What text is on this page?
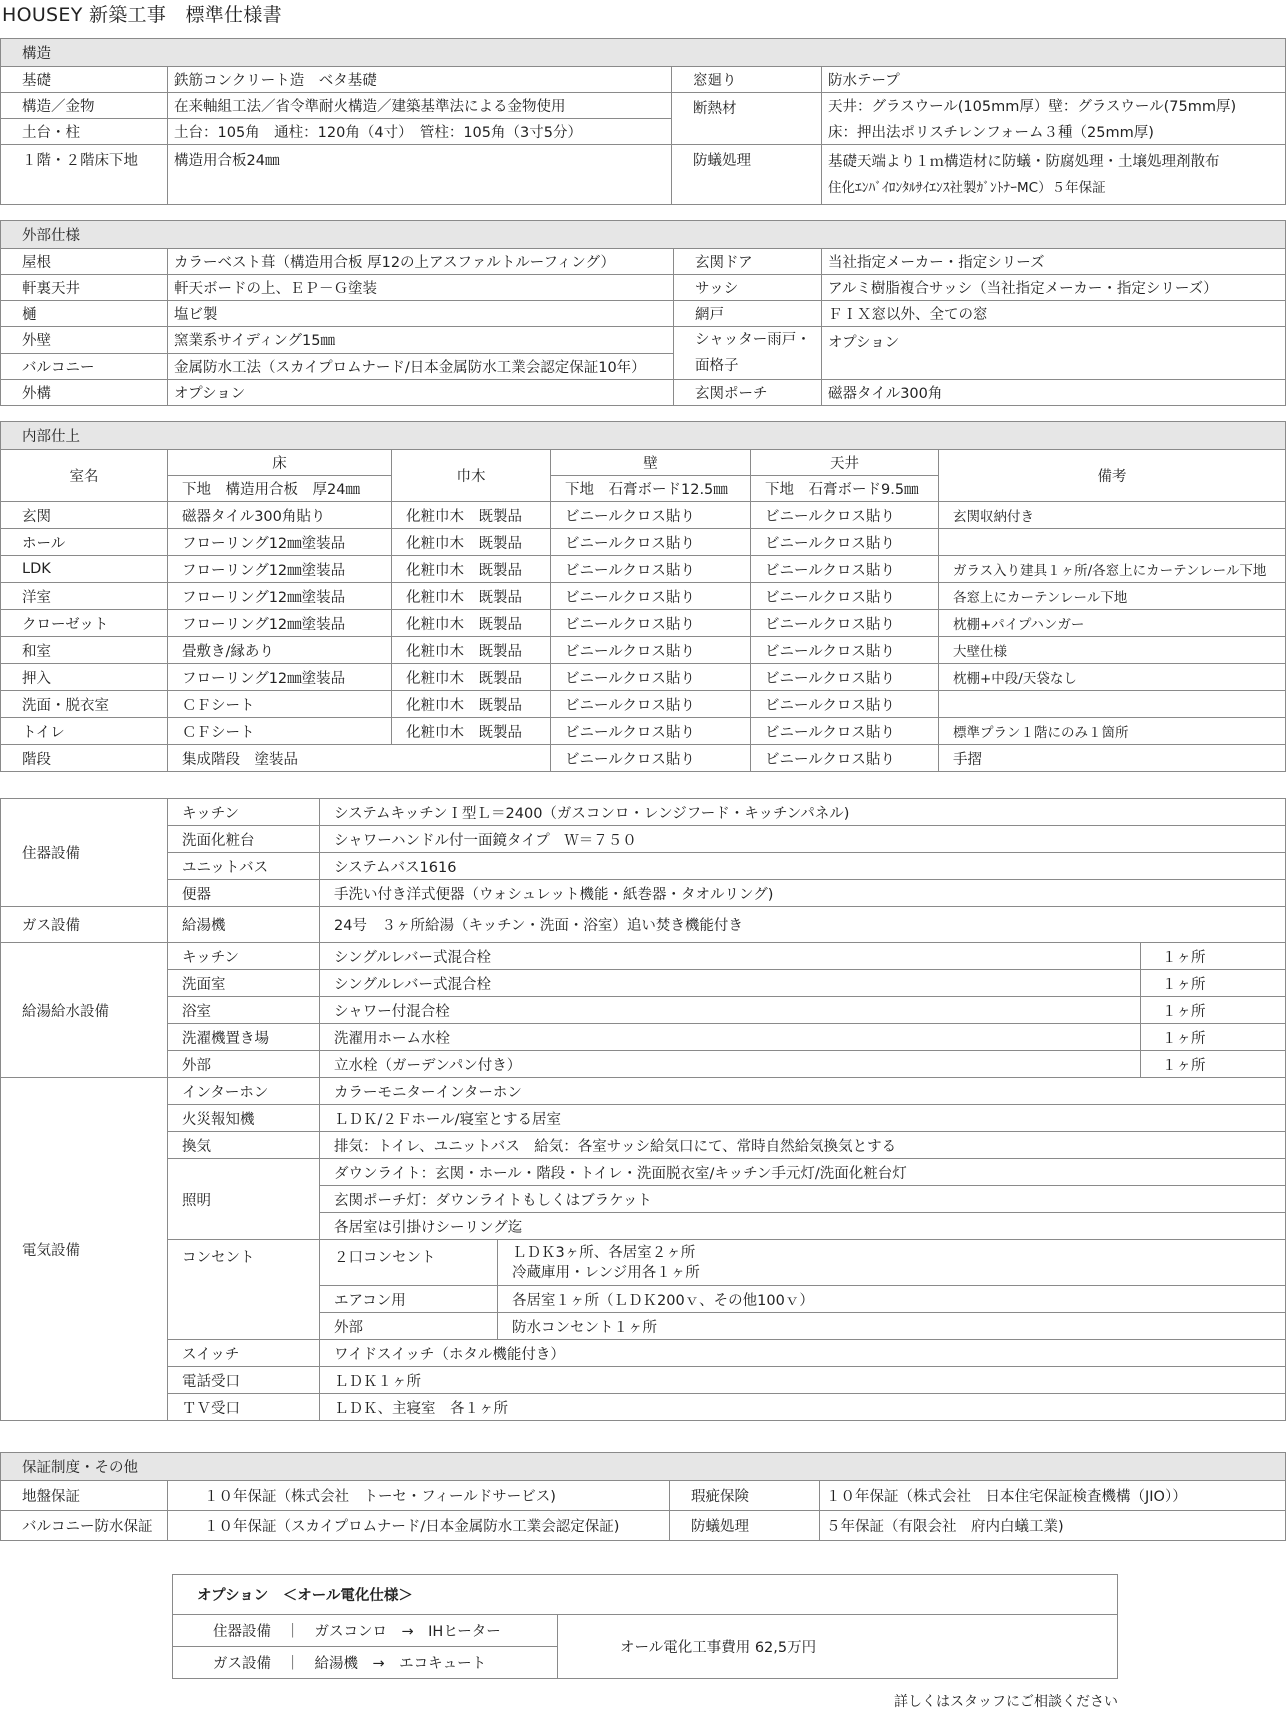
HOUSEY 新築工事　標準仕様書
構造			
基礎	鉄筋コンクリート造　ベタ基礎	窓廻り	防水テープ
構造／金物	在来軸組工法／省令準耐火構造／建築基準法による金物使用	断熱材	天井：グラスウール(105mm厚）壁：グラスウール(75mm厚)
土台・柱	土台：105角　通柱：120角（4寸）　管柱：105角（3寸5分）		床：押出法ポリスチレンフォーム３種（25mm厚)
１階・２階床下地	構造用合板24㎜	防蟻処理	基礎天端より１ｍ構造材に防蟻・防腐処理・土壌処理剤散布
住化ｴﾝﾊﾞｲﾛﾝﾀﾙｻｲｴﾝｽ社製ｶﾞﾝﾄﾅｰMC）５年保証
外部仕様			
屋根	カラーベスト葺（構造用合板 厚12の上アスファルトルーフィング）	玄関ドア	当社指定メーカー・指定シリーズ
軒裏天井	軒天ボードの上、ＥＰ－Ｇ塗装	サッシ	アルミ樹脂複合サッシ（当社指定メーカー・指定シリーズ）
樋	塩ビ製	網戸	ＦＩＸ窓以外、全ての窓
外壁	窯業系サイディング15㎜	シャッター雨戸・
面格子	オプション
バルコニー	金属防水工法（スカイプロムナード/日本金属防水工業会認定保証10年）		
外構	オプション	玄関ポーチ	磁器タイル300角
内部仕上					
室名	床	巾木	壁	天井	備考
	下地　構造用合板　厚24㎜		下地　石膏ボード12.5㎜	下地　石膏ボード9.5㎜	
玄関	磁器タイル300角貼り	化粧巾木　既製品	ビニールクロス貼り	ビニールクロス貼り	玄関収納付き
ホール	フローリング12㎜塗装品	化粧巾木　既製品	ビニールクロス貼り	ビニールクロス貼り	
LDK	フローリング12㎜塗装品	化粧巾木　既製品	ビニールクロス貼り	ビニールクロス貼り	ガラス入り建具１ヶ所/各窓上にカーテンレール下地
洋室	フローリング12㎜塗装品	化粧巾木　既製品	ビニールクロス貼り	ビニールクロス貼り	各窓上にカーテンレール下地
クローゼット	フローリング12㎜塗装品	化粧巾木　既製品	ビニールクロス貼り	ビニールクロス貼り	枕棚+パイプハンガー
和室	畳敷き/縁あり	化粧巾木　既製品	ビニールクロス貼り	ビニールクロス貼り	大壁仕様
押入	フローリング12㎜塗装品	化粧巾木　既製品	ビニールクロス貼り	ビニールクロス貼り	枕棚+中段/天袋なし
洗面・脱衣室	ＣＦシート	化粧巾木　既製品	ビニールクロス貼り	ビニールクロス貼り	
トイレ	ＣＦシート	化粧巾木　既製品	ビニールクロス貼り	ビニールクロス貼り	標準プラン１階にのみ１箇所
階段	集成階段　塗装品		ビニールクロス貼り	ビニールクロス貼り	手摺
住器設備	キッチン	システムキッチンＩ型Ｌ＝2400（ガスコンロ・レンジフード・キッチンパネル)		
	洗面化粧台	シャワーハンドル付一面鏡タイプ　Ｗ＝７５０		
	ユニットバス	システムバス1616		
	便器	手洗い付き洋式便器（ウォシュレット機能・紙巻器・タオルリング)		
ガス設備	給湯機	24号　３ヶ所給湯（キッチン・洗面・浴室）追い焚き機能付き		
給湯給水設備	キッチン	シングルレバー式混合栓		１ヶ所
	洗面室	シングルレバー式混合栓		１ヶ所
	浴室	シャワー付混合栓		１ヶ所
	洗濯機置き場	洗濯用ホーム水栓		１ヶ所
	外部	立水栓（ガーデンパン付き）		１ヶ所
電気設備	インターホン	カラーモニターインターホン		
	火災報知機	ＬＤＫ/２Ｆホール/寝室とする居室		
	換気	排気：トイレ、ユニットバス　給気：各室サッシ給気口にて、常時自然給気換気とする		
	照明	ダウンライト：玄関・ホール・階段・トイレ・洗面脱衣室/キッチン手元灯/洗面化粧台灯		
		玄関ポーチ灯：ダウンライトもしくはブラケット		
		各居室は引掛けシーリング迄		
	コンセント	２口コンセント	ＬＤＫ3ヶ所、各居室２ヶ所
冷蔵庫用・レンジ用各１ヶ所	

		エアコン用	各居室１ヶ所（ＬＤＫ200ｖ、その他100ｖ）	
		外部	防水コンセント１ヶ所	
	スイッチ	ワイドスイッチ（ホタル機能付き）		
	電話受口	ＬＤＫ１ヶ所		
	ＴＶ受口	ＬＤＫ、主寝室　各１ヶ所		
保証制度・その他			
地盤保証	１０年保証（株式会社　トーセ・フィールドサービス)	瑕疵保険	１０年保証（株式会社　日本住宅保証検査機構（JIO））
バルコニー防水保証	１０年保証（スカイプロムナード/日本金属防水工業会認定保証)	防蟻処理	５年保証（有限会社　府内白蟻工業)
オプション　＜オール電化仕様＞
住器設備　｜　ガスコンロ　→　IHヒーター	オール電化工事費用 62,5万円
ガス設備　｜　給湯機　→　エコキュート
詳しくはスタッフにご相談ください
